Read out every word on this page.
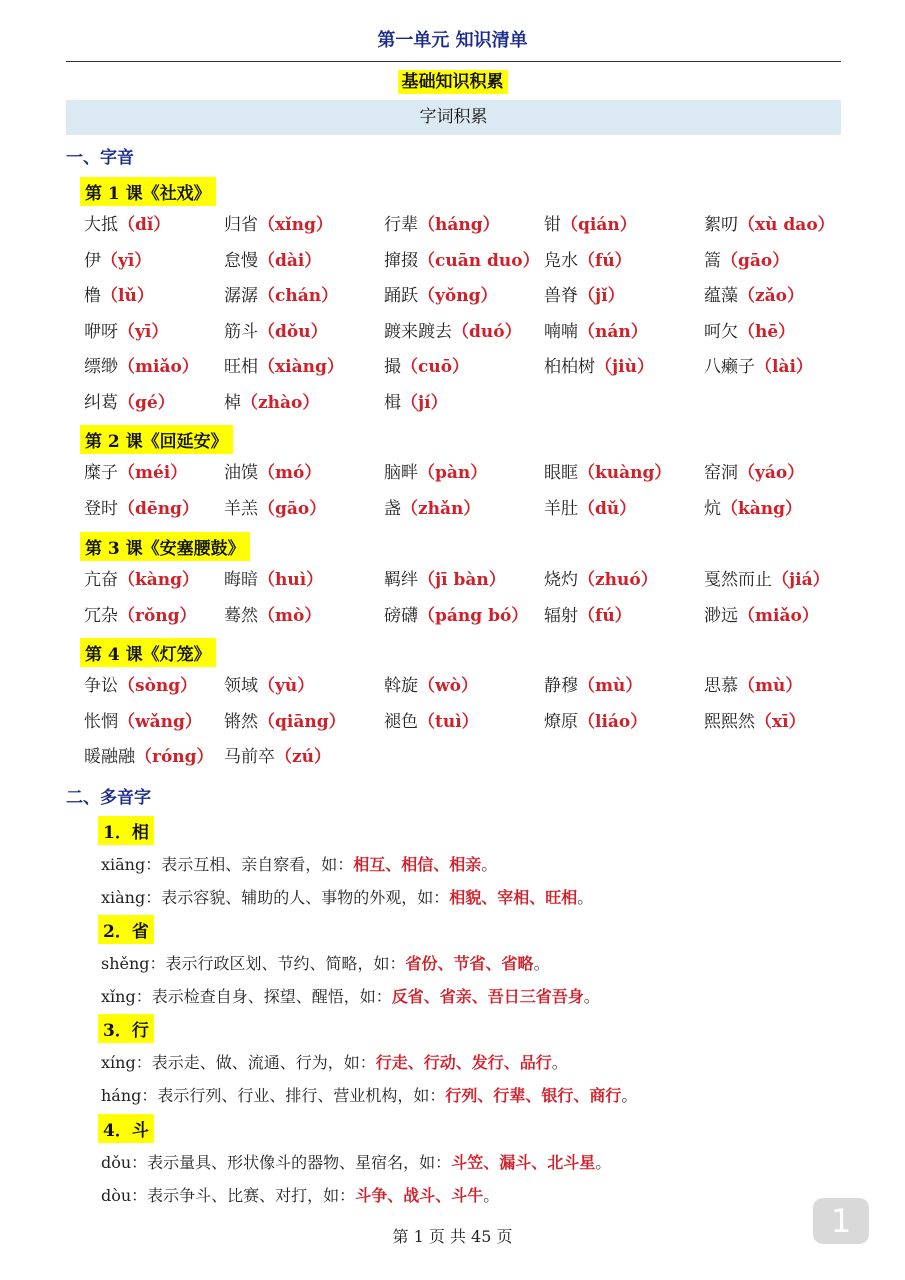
第一单元 知识清单
基础知识积累
字词积累
一、字音
第 1 课《社戏》
大抵（dǐ）	归省（xǐng）	行辈（háng）	钳（qián）	絮叨（xù dao）
伊（yī）	怠慢（dài）	撺掇（cuān duo） 凫水（fú）	篙（gāo）
橹（lǔ）	潺潺（chán）	踊跃（yǒng）	兽脊（jǐ）	蕴藻（zǎo）
咿呀（yī）	筋斗（dǒu）	踱来踱去（duó） 喃喃（nán）	呵欠（hē）
缥缈（miǎo） 旺相（xiàng） 撮（cuō）	桕柏树（jiù）	八癞子（lài）
纠葛（gé）	棹（zhào）	楫（jí）
第 2 课《回延安》
糜子（méi） 油馍（mó）	脑畔（pàn）	眼眶（kuàng） 窑洞（yáo）
登时（dēng） 羊羔（gāo）	盏（zhǎn）	羊肚（dǔ）	炕（kàng）
第 3 课《安塞腰鼓》
亢奋（kàng） 晦暗（huì）	羁绊（jī bàn） 烧灼（zhuó）	戛然而止（jiá）
冗杂（rǒng） 蓦然（mò）	磅礴（páng bó） 辐射（fú）	渺远（miǎo）
第 4 课《灯笼》
争讼（sòng） 领域（yù）	斡旋（wò）	静穆（mù）	思慕（mù）
怅惘（wǎng） 锵然（qiāng） 褪色（tuì）	燎原（liáo）	熙熙然（xī）
暖融融（róng） 马前卒（zú）
二、多音字
1．相
xiāng：表示互相、亲自察看，如：相互、相信、相亲。
xiàng：表示容貌、辅助的人、事物的外观，如：相貌、宰相、旺相。
2．省
shěng：表示行政区划、节约、简略，如：省份、节省、省略。
xǐng：表示检查自身、探望、醒悟，如：反省、省亲、吾日三省吾身。
3．行
xíng：表示走、做、流通、行为，如：行走、行动、发行、品行。
háng：表示行列、行业、排行、营业机构，如：行列、行辈、银行、商行。
4．斗
dǒu：表示量具、形状像斗的器物、星宿名，如：斗笠、漏斗、北斗星。
dòu：表示争斗、比赛、对打，如：斗争、战斗、斗牛。
第 1 页 共 45 页	1
